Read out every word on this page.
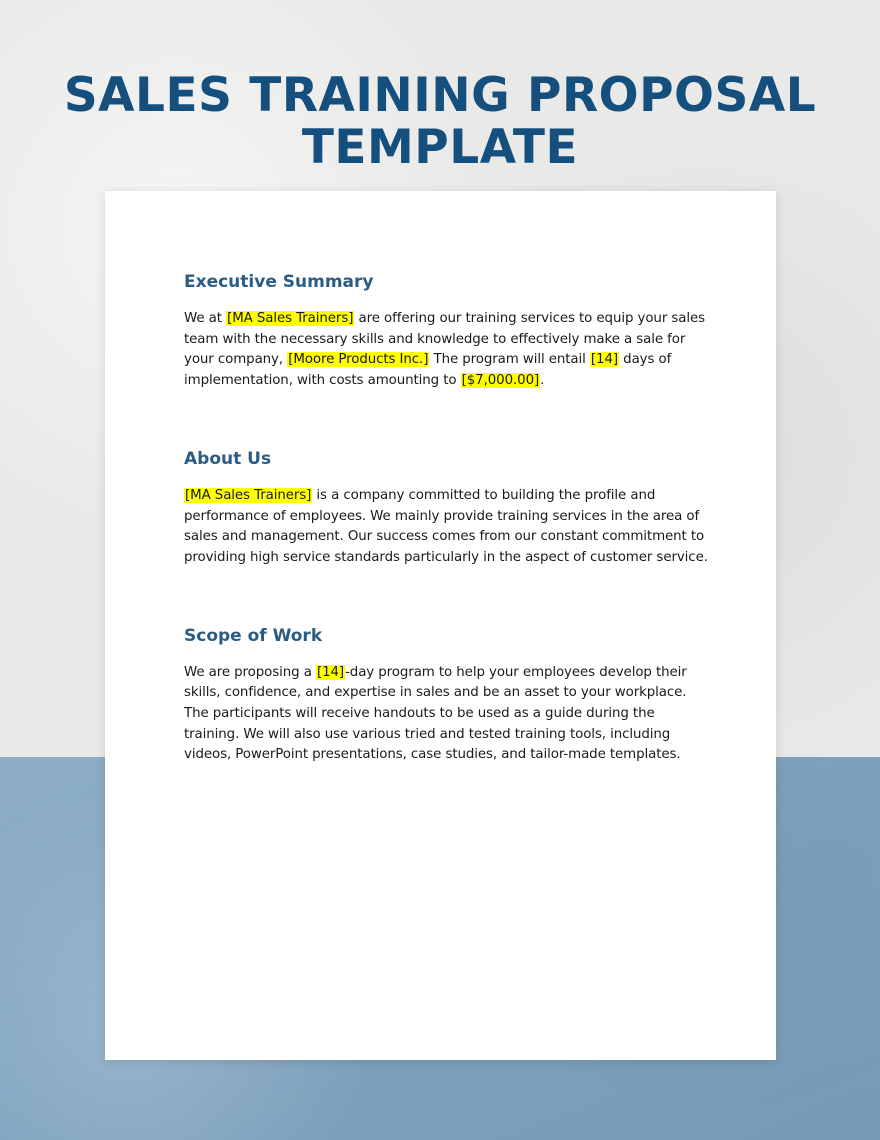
SALES TRAINING PROPOSAL
TEMPLATE
Executive Summary

We at [MA Sales Trainers] are offering our training services to equip your sales team with the necessary skills and knowledge to effectively make a sale for your company, [Moore Products Inc.] The program will entail [14] days of implementation, with costs amounting to [$7,000.00].

About Us

[MA Sales Trainers] is a company committed to building the profile and performance of employees. We mainly provide training services in the area of sales and management. Our success comes from our constant commitment to providing high service standards particularly in the aspect of customer service.

Scope of Work

We are proposing a [14]-day program to help your employees develop their skills, confidence, and expertise in sales and be an asset to your workplace. The participants will receive handouts to be used as a guide during the training. We will also use various tried and tested training tools, including videos, PowerPoint presentations, case studies, and tailor-made templates.
